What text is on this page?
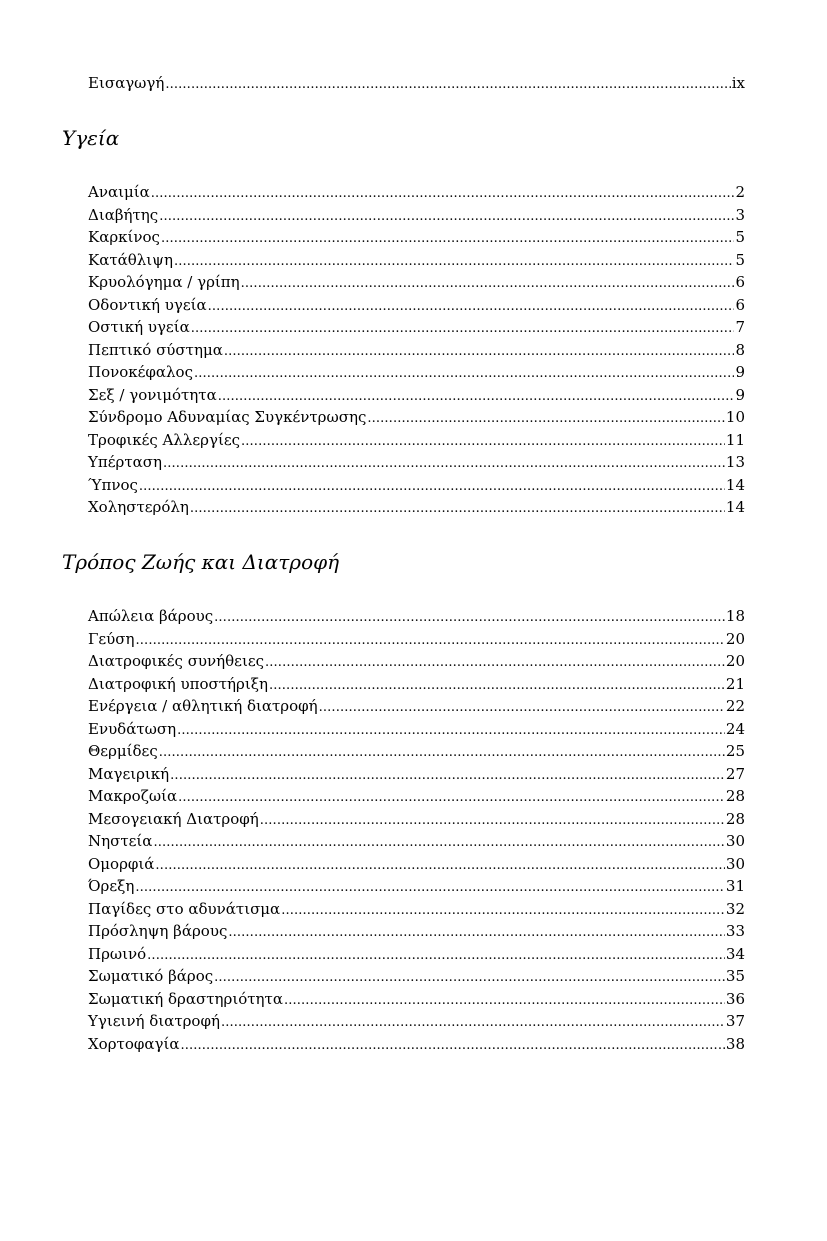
Εισαγωγή . . .	ix
Υγεία
Αναιμία . . .	2
Διαβήτης . . .	3
Καρκίνος . . .	5
Κατάθλιψη . . .	5
Κρυολόγημα / γρίπη . . .	6
Οδοντική υγεία . . .	6
Οστική υγεία . . .	7
Πεπτικό σύστημα . . .	8
Πονοκέφαλος . . .	9
Σεξ / γονιμότητα . . .	9
Σύνδρομο Αδυναμίας Συγκέντρωσης . . .	10
Τροφικές Αλλεργίες . . .	11
Υπέρταση . . .	13
Ύπνος . . .	14
Χοληστερόλη . . .	14
Τρόπος Ζωής και Διατροφή
Απώλεια βάρους . . .	18
Γεύση . . .	20
Διατροφικές συνήθειες . . .	20
Διατροφική υποστήριξη . . .	21
Ενέργεια / αθλητική διατροφή . . .	22
Ενυδάτωση . . .	24
Θερμίδες . . .	25
Μαγειρική . . .	27
Μακροζωία . . .	28
Μεσογειακή Διατροφή . . .	28
Νηστεία . . .	30
Ομορφιά . . .	30
Όρεξη . . .	31
Παγίδες στο αδυνάτισμα . . .	32
Πρόσληψη βάρους . . .	33
Πρωινό . . .	34
Σωματικό βάρος . . .	35
Σωματική δραστηριότητα . . .	36
Υγιεινή διατροφή . . .	37
Χορτοφαγία . . .	38
